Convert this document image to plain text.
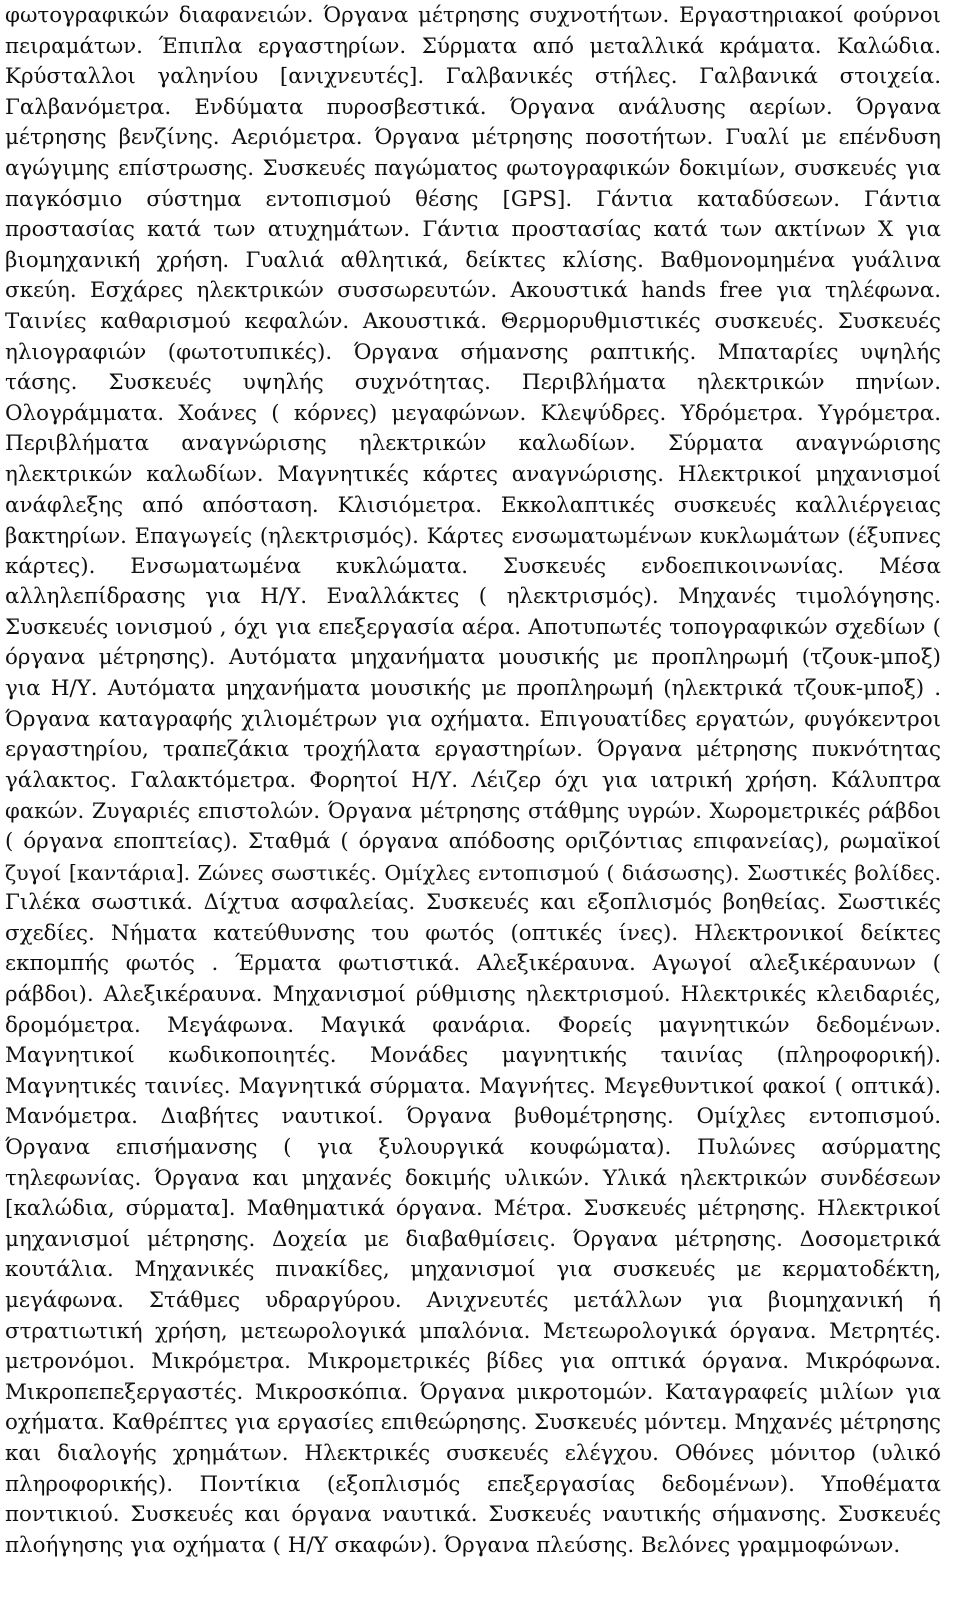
φωτογραφικών διαφανειών. Όργανα μέτρησης συχνοτήτων. Εργαστηριακοί φούρνοι
πειραμάτων. Έπιπλα εργαστηρίων. Σύρματα από μεταλλικά κράματα. Καλώδια.
Κρύσταλλοι γαληνίου [ανιχνευτές]. Γαλβανικές στήλες. Γαλβανικά στοιχεία.
Γαλβανόμετρα. Ενδύματα πυροσβεστικά. Όργανα ανάλυσης αερίων. Όργανα
μέτρησης βενζίνης. Αεριόμετρα. Όργανα μέτρησης ποσοτήτων. Γυαλί με επένδυση
αγώγιμης επίστρωσης. Συσκευές παγώματος φωτογραφικών δοκιμίων, συσκευές για
παγκόσμιο σύστημα εντοπισμού θέσης [GPS]. Γάντια καταδύσεων. Γάντια
προστασίας κατά των ατυχημάτων. Γάντια προστασίας κατά των ακτίνων Χ για
βιομηχανική χρήση. Γυαλιά αθλητικά, δείκτες κλίσης. Βαθμονομημένα γυάλινα
σκεύη. Εσχάρες ηλεκτρικών συσσωρευτών. Ακουστικά hands free για τηλέφωνα.
Ταινίες καθαρισμού κεφαλών. Ακουστικά. Θερμορυθμιστικές συσκευές. Συσκευές
ηλιογραφιών (φωτοτυπικές). Όργανα σήμανσης ραπτικής. Μπαταρίες υψηλής
τάσης. Συσκευές υψηλής συχνότητας. Περιβλήματα ηλεκτρικών πηνίων.
Ολογράμματα. Χοάνες ( κόρνες) μεγαφώνων. Κλεψύδρες. Υδρόμετρα. Υγρόμετρα.
Περιβλήματα αναγνώρισης ηλεκτρικών καλωδίων. Σύρματα αναγνώρισης
ηλεκτρικών καλωδίων. Μαγνητικές κάρτες αναγνώρισης. Ηλεκτρικοί μηχανισμοί
ανάφλεξης από απόσταση. Κλισιόμετρα. Εκκολαπτικές συσκευές καλλιέργειας
βακτηρίων. Επαγωγείς (ηλεκτρισμός). Κάρτες ενσωματωμένων κυκλωμάτων (έξυπνες
κάρτες). Ενσωματωμένα κυκλώματα. Συσκευές ενδοεπικοινωνίας. Μέσα
αλληλεπίδρασης για Η/Υ. Εναλλάκτες ( ηλεκτρισμός). Μηχανές τιμολόγησης.
Συσκευές ιονισμού , όχι για επεξεργασία αέρα. Αποτυπωτές τοπογραφικών σχεδίων (
όργανα μέτρησης). Αυτόματα μηχανήματα μουσικής με προπληρωμή (τζουκ-μποξ)
για Η/Υ. Αυτόματα μηχανήματα μουσικής με προπληρωμή (ηλεκτρικά τζουκ-μποξ) .
Όργανα καταγραφής χιλιομέτρων για οχήματα. Επιγουατίδες εργατών, φυγόκεντροι
εργαστηρίου, τραπεζάκια τροχήλατα εργαστηρίων. Όργανα μέτρησης πυκνότητας
γάλακτος. Γαλακτόμετρα. Φορητοί Η/Υ. Λέιζερ όχι για ιατρική χρήση. Κάλυπτρα
φακών. Ζυγαριές επιστολών. Όργανα μέτρησης στάθμης υγρών. Χωρομετρικές ράβδοι
( όργανα εποπτείας). Σταθμά ( όργανα απόδοσης οριζόντιας επιφανείας), ρωμαϊκοί
ζυγοί [καντάρια]. Ζώνες σωστικές. Ομίχλες εντοπισμού ( διάσωσης). Σωστικές βολίδες.
Γιλέκα σωστικά. Δίχτυα ασφαλείας. Συσκευές και εξοπλισμός βοηθείας. Σωστικές
σχεδίες. Νήματα κατεύθυνσης του φωτός (οπτικές ίνες). Ηλεκτρονικοί δείκτες
εκπομπής φωτός . Έρματα φωτιστικά. Αλεξικέραυνα. Αγωγοί αλεξικέραυνων (
ράβδοι). Αλεξικέραυνα. Μηχανισμοί ρύθμισης ηλεκτρισμού. Ηλεκτρικές κλειδαριές,
δρομόμετρα. Μεγάφωνα. Μαγικά φανάρια. Φορείς μαγνητικών δεδομένων.
Μαγνητικοί κωδικοποιητές. Μονάδες μαγνητικής ταινίας (πληροφορική).
Μαγνητικές ταινίες. Μαγνητικά σύρματα. Μαγνήτες. Μεγεθυντικοί φακοί ( οπτικά).
Μανόμετρα. Διαβήτες ναυτικοί. Όργανα βυθομέτρησης. Ομίχλες εντοπισμού.
Όργανα επισήμανσης ( για ξυλουργικά κουφώματα). Πυλώνες ασύρματης
τηλεφωνίας. Όργανα και μηχανές δοκιμής υλικών. Υλικά ηλεκτρικών συνδέσεων
[καλώδια, σύρματα]. Μαθηματικά όργανα. Μέτρα. Συσκευές μέτρησης. Ηλεκτρικοί
μηχανισμοί μέτρησης. Δοχεία με διαβαθμίσεις. Όργανα μέτρησης. Δοσομετρικά
κουτάλια. Μηχανικές πινακίδες, μηχανισμοί για συσκευές με κερματοδέκτη,
μεγάφωνα. Στάθμες υδραργύρου. Ανιχνευτές μετάλλων για βιομηχανική ή
στρατιωτική χρήση, μετεωρολογικά μπαλόνια. Μετεωρολογικά όργανα. Μετρητές.
μετρονόμοι. Μικρόμετρα. Μικρομετρικές βίδες για οπτικά όργανα. Μικρόφωνα.
Μικροπεπεξεργαστές. Μικροσκόπια. Όργανα μικροτομών. Καταγραφείς μιλίων για
οχήματα. Καθρέπτες για εργασίες επιθεώρησης. Συσκευές μόντεμ. Μηχανές μέτρησης
και διαλογής χρημάτων. Ηλεκτρικές συσκευές ελέγχου. Οθόνες μόνιτορ (υλικό
πληροφορικής). Ποντίκια (εξοπλισμός επεξεργασίας δεδομένων). Υποθέματα
ποντικιού. Συσκευές και όργανα ναυτικά. Συσκευές ναυτικής σήμανσης. Συσκευές
πλοήγησης για οχήματα ( Η/Υ σκαφών). Όργανα πλεύσης. Βελόνες γραμμοφώνων.
